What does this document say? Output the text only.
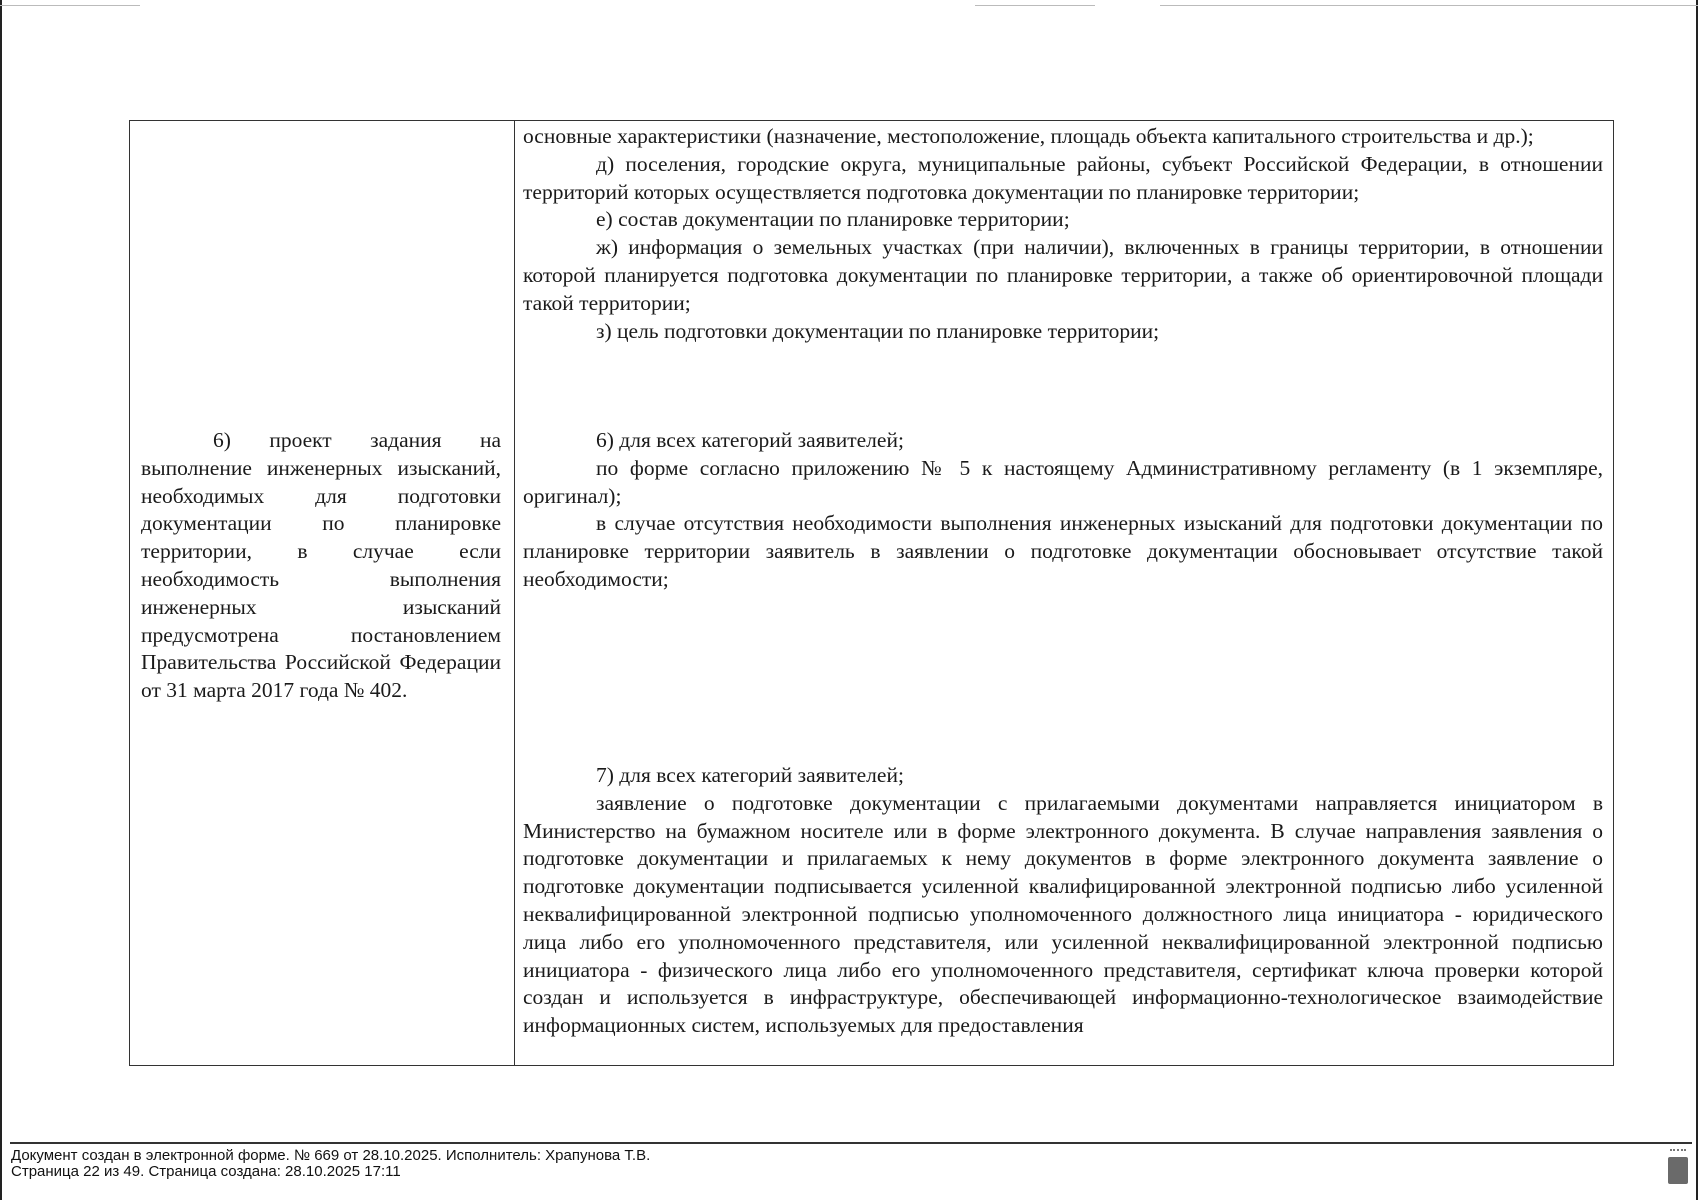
6) проект задания на выполнение инженерных изысканий, необходимых для подготовки документации по планировке территории, в случае если необходимость выполнения инженерных изысканий предусмотрена постановлением Правительства Российской Федерации от 31 марта 2017 года № 402.

основные характеристики (назначение, местоположение, площадь объекта капитального строительства и др.);

д) поселения, городские округа, муниципальные районы, субъект Российской Федерации, в отношении территорий которых осуществляется подготовка документации по планировке территории;

е) состав документации по планировке территории;

ж) информация о земельных участках (при наличии), включенных в границы территории, в отношении которой планируется подготовка документации по планировке территории, а также об ориентировочной площади такой территории;

з) цель подготовки документации по планировке территории;

6) для всех категорий заявителей;

по форме согласно приложению № 5 к настоящему Административному регламенту (в 1 экземпляре, оригинал);

в случае отсутствия необходимости выполнения инженерных изысканий для подготовки документации по планировке территории заявитель в заявлении о подготовке документации обосновывает отсутствие такой необходимости;

7) для всех категорий заявителей;

заявление о подготовке документации с прилагаемыми документами направляется инициатором в Министерство на бумажном носителе или в форме электронного документа. В случае направления заявления о подготовке документации и прилагаемых к нему документов в форме электронного документа заявление о подготовке документации подписывается усиленной квалифицированной электронной подписью либо усиленной неквалифицированной электронной подписью уполномоченного должностного лица инициатора - юридического лица либо его уполномоченного представителя, или усиленной неквалифицированной электронной подписью инициатора - физического лица либо его уполномоченного представителя, сертификат ключа проверки которой создан и используется в инфраструктуре, обеспечивающей информационно-технологическое взаимодействие информационных систем, используемых для предоставления

Документ создан в электронной форме. № 669 от 28.10.2025. Исполнитель: Храпунова Т.В.
Страница 22 из 49. Страница создана: 28.10.2025 17:11
